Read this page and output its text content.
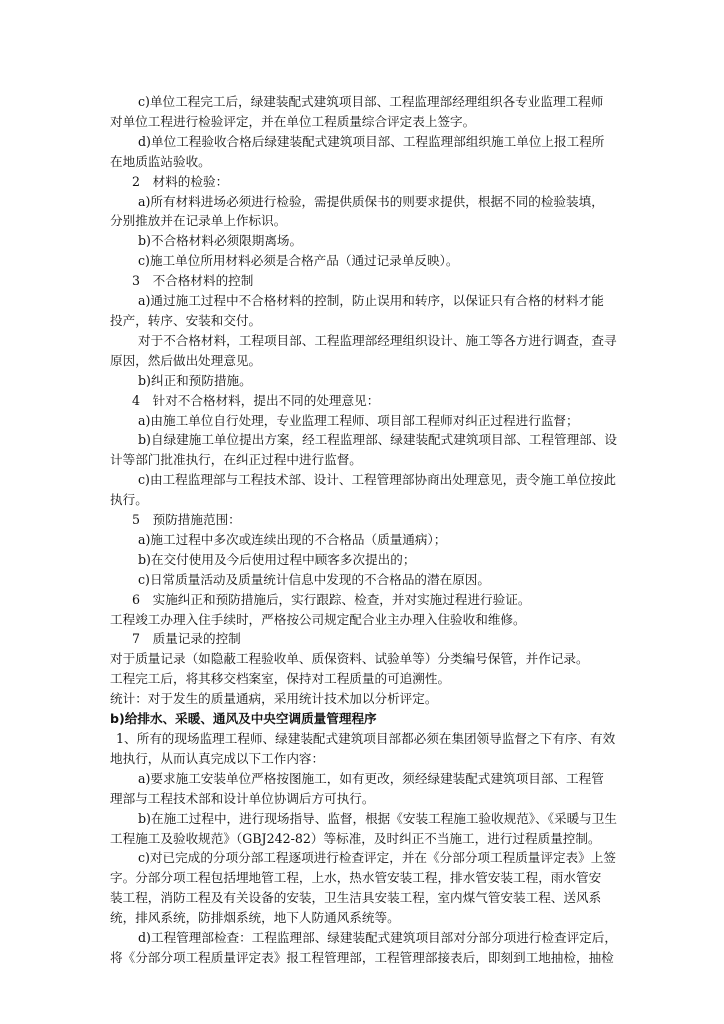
c)单位工程完工后，绿建装配式建筑项目部、工程监理部经理组织各专业监理工程师

对单位工程进行检验评定，并在单位工程质量综合评定表上签字。

d)单位工程验收合格后绿建装配式建筑项目部、工程监理部组织施工单位上报工程所

在地质监站验收。

2　材料的检验：

a)所有材料进场必须进行检验，需提供质保书的则要求提供，根据不同的检验装填，

分别推放并在记录单上作标识。

b)不合格材料必须限期离场。

c)施工单位所用材料必须是合格产品（通过记录单反映）。

3　不合格材料的控制

a)通过施工过程中不合格材料的控制，防止误用和转序，以保证只有合格的材料才能

投产，转序、安装和交付。

对于不合格材料，工程项目部、工程监理部经理组织设计、施工等各方进行调查，查寻

原因，然后做出处理意见。

b)纠正和预防措施。

4　针对不合格材料，提出不同的处理意见：

a)由施工单位自行处理，专业监理工程师、项目部工程师对纠正过程进行监督；

b)自绿建施工单位提出方案，经工程监理部、绿建装配式建筑项目部、工程管理部、设

计等部门批准执行，在纠正过程中进行监督。

c)由工程监理部与工程技术部、设计、工程管理部协商出处理意见，责令施工单位按此

执行。

5　预防措施范围：

a)施工过程中多次或连续出现的不合格品（质量通病）；

b)在交付使用及今后使用过程中顾客多次提出的；

c)日常质量活动及质量统计信息中发现的不合格品的潜在原因。

6　实施纠正和预防措施后，实行跟踪、检查，并对实施过程进行验证。

工程竣工办理入住手续时，严格按公司规定配合业主办理入住验收和维修。

7　质量记录的控制

对于质量记录（如隐蔽工程验收单、质保资料、试验单等）分类编号保管，并作记录。

工程完工后，将其移交档案室，保持对工程质量的可追溯性。

统计：对于发生的质量通病，采用统计技术加以分析评定。

b)给排水、采暖、通风及中央空调质量管理程序

1、所有的现场监理工程师、绿建装配式建筑项目部都必须在集团领导监督之下有序、有效

地执行，从而认真完成以下工作内容：

a)要求施工安装单位严格按图施工，如有更改，须经绿建装配式建筑项目部、工程管

理部与工程技术部和设计单位协调后方可执行。

b)在施工过程中，进行现场指导、监督，根据《安装工程施工验收规范》、《采暖与卫生

工程施工及验收规范》（GBJ242-82）等标准，及时纠正不当施工，进行过程质量控制。

c)对已完成的分项分部工程逐项进行检查评定，并在《分部分项工程质量评定表》上签

字。分部分项工程包括埋地管工程，上水，热水管安装工程，排水管安装工程，雨水管安

装工程，消防工程及有关设备的安装，卫生洁具安装工程，室内煤气管安装工程、送风系

统，排风系统，防排烟系统，地下人防通风系统等。

d)工程管理部检查：工程监理部、绿建装配式建筑项目部对分部分项进行检查评定后，

将《分部分项工程质量评定表》报工程管理部，工程管理部接表后，即刻到工地抽检，抽检
